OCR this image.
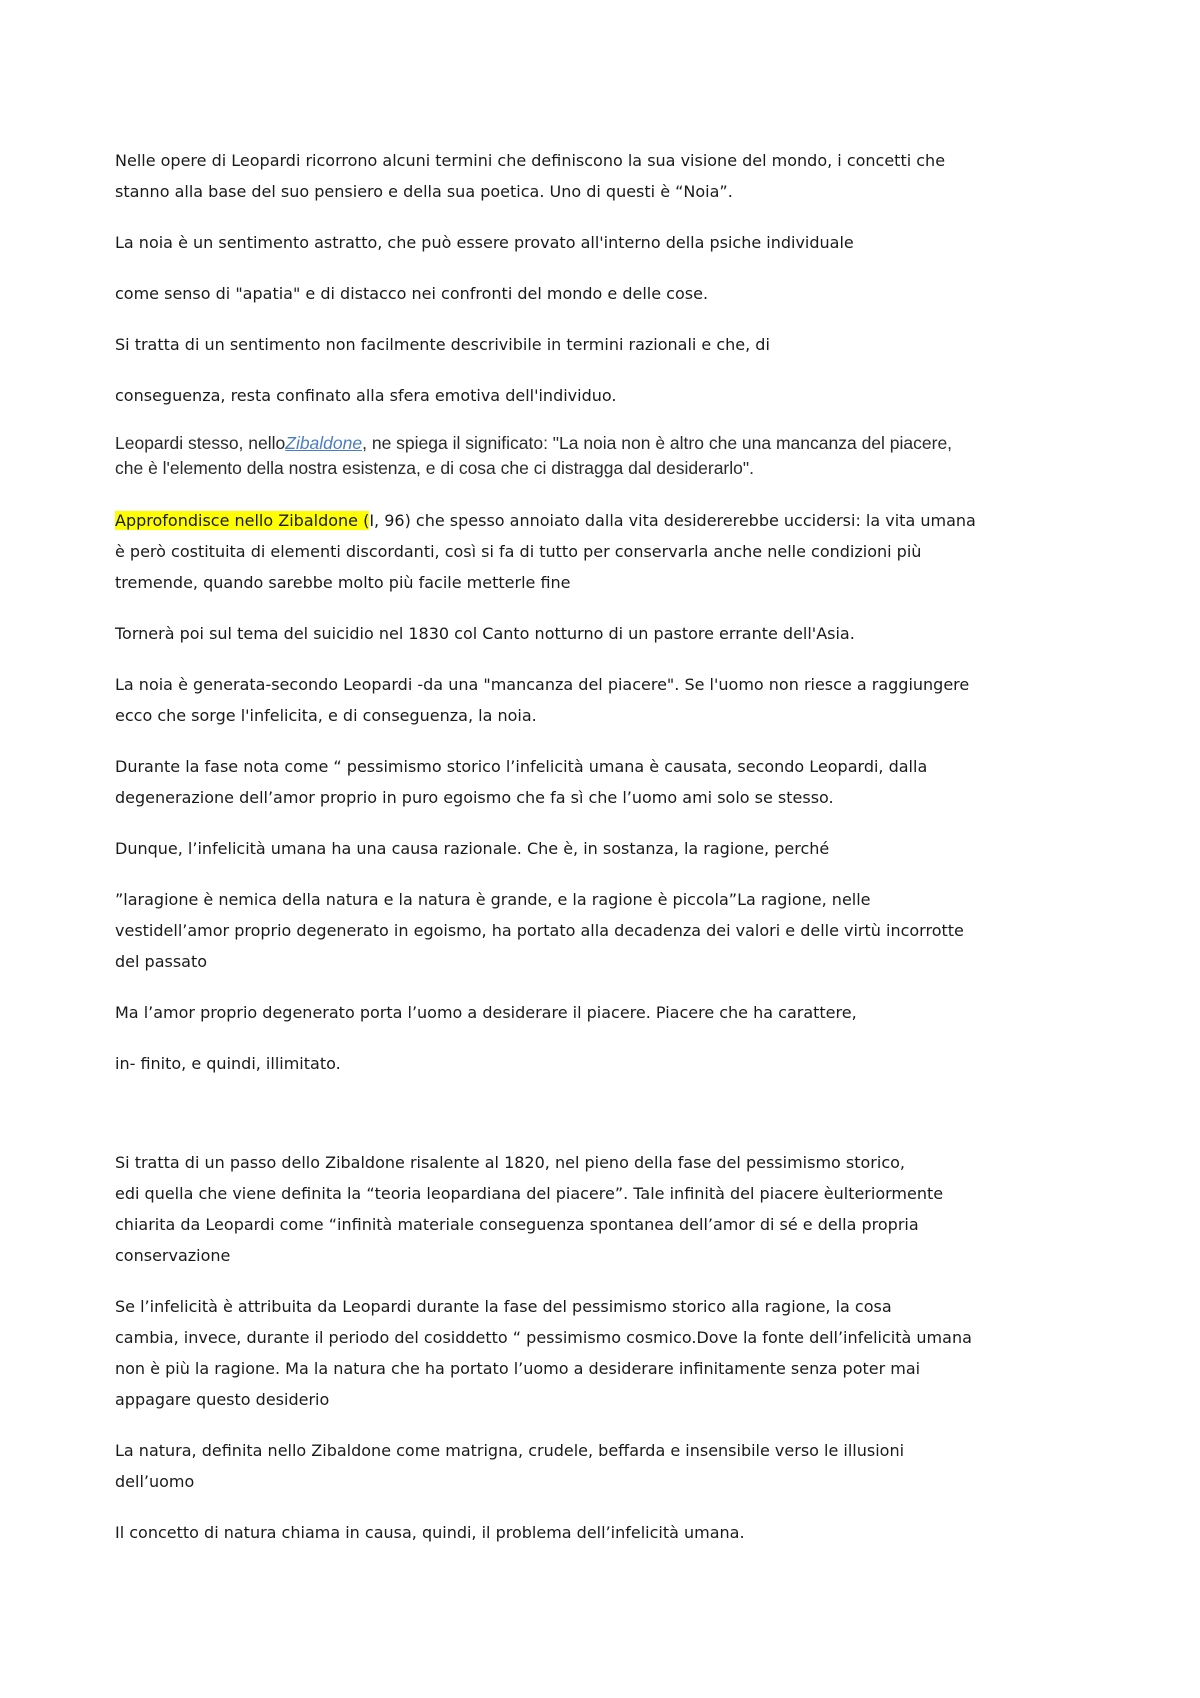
Nelle opere di Leopardi ricorrono alcuni termini che definiscono la sua visione del mondo, i concetti che
stanno alla base del suo pensiero e della sua poetica. Uno di questi è “Noia”.
La noia è un sentimento astratto, che può essere provato all'interno della psiche individuale
come senso di "apatia" e di distacco nei confronti del mondo e delle cose.
Si tratta di un sentimento non facilmente descrivibile in termini razionali e che, di
conseguenza, resta confinato alla sfera emotiva dell'individuo.
Leopardi stesso, nelloZibaldone, ne spiega il significato: "La noia non è altro che una mancanza del piacere,
che è l'elemento della nostra esistenza, e di cosa che ci distragga dal desiderarlo".
Approfondisce nello Zibaldone (I, 96) che spesso annoiato dalla vita desidererebbe uccidersi: la vita umana
è però costituita di elementi discordanti, così si fa di tutto per conservarla anche nelle condizioni più
tremende, quando sarebbe molto più facile metterle fine
Tornerà poi sul tema del suicidio nel 1830 col Canto notturno di un pastore errante dell'Asia.
La noia è generata-secondo Leopardi -da una "mancanza del piacere". Se l'uomo non riesce a raggiungere
ecco che sorge l'infelicita, e di conseguenza, la noia.
Durante la fase nota come “ pessimismo storico l’infelicità umana è causata, secondo Leopardi, dalla
degenerazione dell’amor proprio in puro egoismo che fa sì che l’uomo ami solo se stesso.
Dunque, l’infelicità umana ha una causa razionale. Che è, in sostanza, la ragione, perché
”laragione è nemica della natura e la natura è grande, e la ragione è piccola”La ragione, nelle
vestidell’amor proprio degenerato in egoismo, ha portato alla decadenza dei valori e delle virtù incorrotte
del passato
Ma l’amor proprio degenerato porta l’uomo a desiderare il piacere. Piacere che ha carattere,
in- finito, e quindi, illimitato.
Si tratta di un passo dello Zibaldone risalente al 1820, nel pieno della fase del pessimismo storico,
edi quella che viene definita la “teoria leopardiana del piacere”. Tale infinità del piacere èulteriormente
chiarita da Leopardi come “infinità materiale conseguenza spontanea dell’amor di sé e della propria
conservazione
Se l’infelicità è attribuita da Leopardi durante la fase del pessimismo storico alla ragione, la cosa
cambia, invece, durante il periodo del cosiddetto “ pessimismo cosmico.Dove la fonte dell’infelicità umana
non è più la ragione. Ma la natura che ha portato l’uomo a desiderare infinitamente senza poter mai
appagare questo desiderio
La natura, definita nello Zibaldone come matrigna, crudele, beffarda e insensibile verso le illusioni
dell’uomo
Il concetto di natura chiama in causa, quindi, il problema dell’infelicità umana.
